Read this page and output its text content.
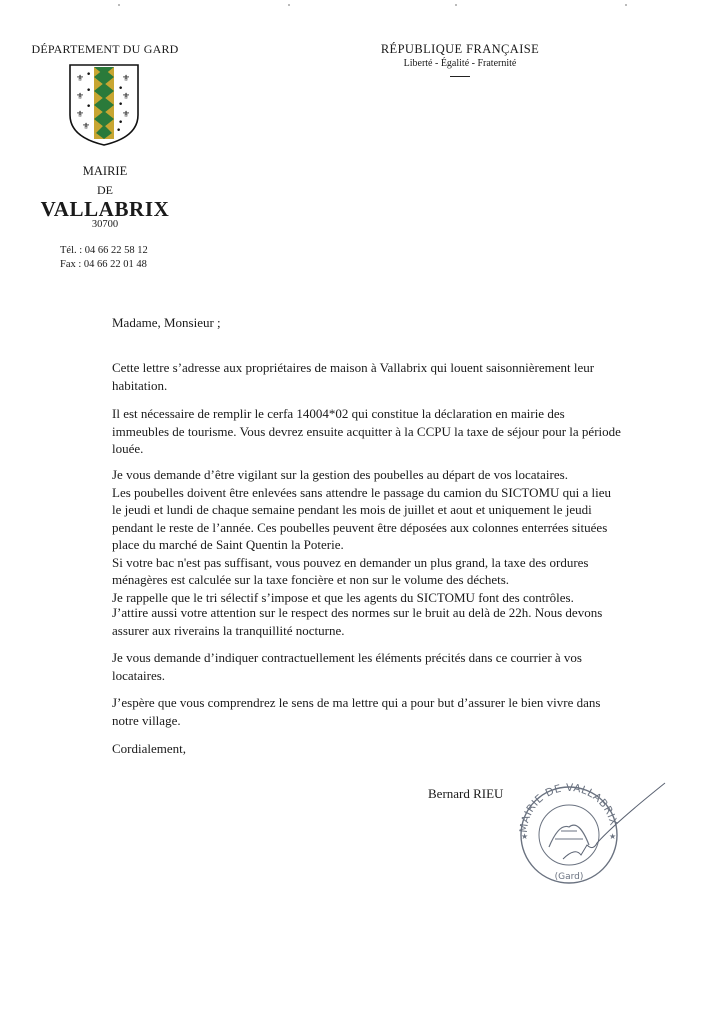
DÉPARTEMENT DU GARD	RÉPUBLIQUE FRANÇAISE
Liberté - Égalité - Fraternité
⚜ •
⚜
•
⚜
•
⚜
•
⚜
•
⚜
•
⚜	•
MAIRIE
DE
VALLABRIX
30700
Tél. : 04 66 22 58 12
Fax : 04 66 22 01 48
Madame, Monsieur ;

Cette lettre s’adresse aux propriétaires de maison à Vallabrix qui louent saisonnièrement leur habitation.

Il est nécessaire de remplir le cerfa 14004*02 qui constitue la déclaration en mairie des immeubles de tourisme. Vous devrez ensuite acquitter à la CCPU la taxe de séjour pour la période louée.

Je vous demande d’être vigilant sur la gestion des poubelles au départ de vos locataires.

Les poubelles doivent être enlevées sans attendre le passage du camion du SICTOMU qui a lieu le jeudi et lundi de chaque semaine pendant les mois de juillet et aout et uniquement le jeudi pendant le reste de l’année. Ces poubelles peuvent être déposées aux colonnes enterrées situées place du marché de Saint Quentin la Poterie.

Si votre bac n'est pas suffisant, vous pouvez en demander un plus grand, la taxe des ordures ménagères est calculée sur la taxe foncière et non sur le volume des déchets.

Je rappelle que le tri sélectif s’impose et que les agents du SICTOMU font des contrôles.

J’attire aussi votre attention sur le respect des normes sur le bruit au delà de 22h. Nous devons assurer aux riverains la tranquillité nocturne.

Je vous demande d’indiquer contractuellement les éléments précités dans ce courrier à vos locataires.

J’espère que vous comprendrez le sens de ma lettre qui a pour but d’assurer le bien vivre dans notre village.

Cordialement,
Bernard RIEU
MAIRIE DE VALLABRIX
(Gard)
★	★
